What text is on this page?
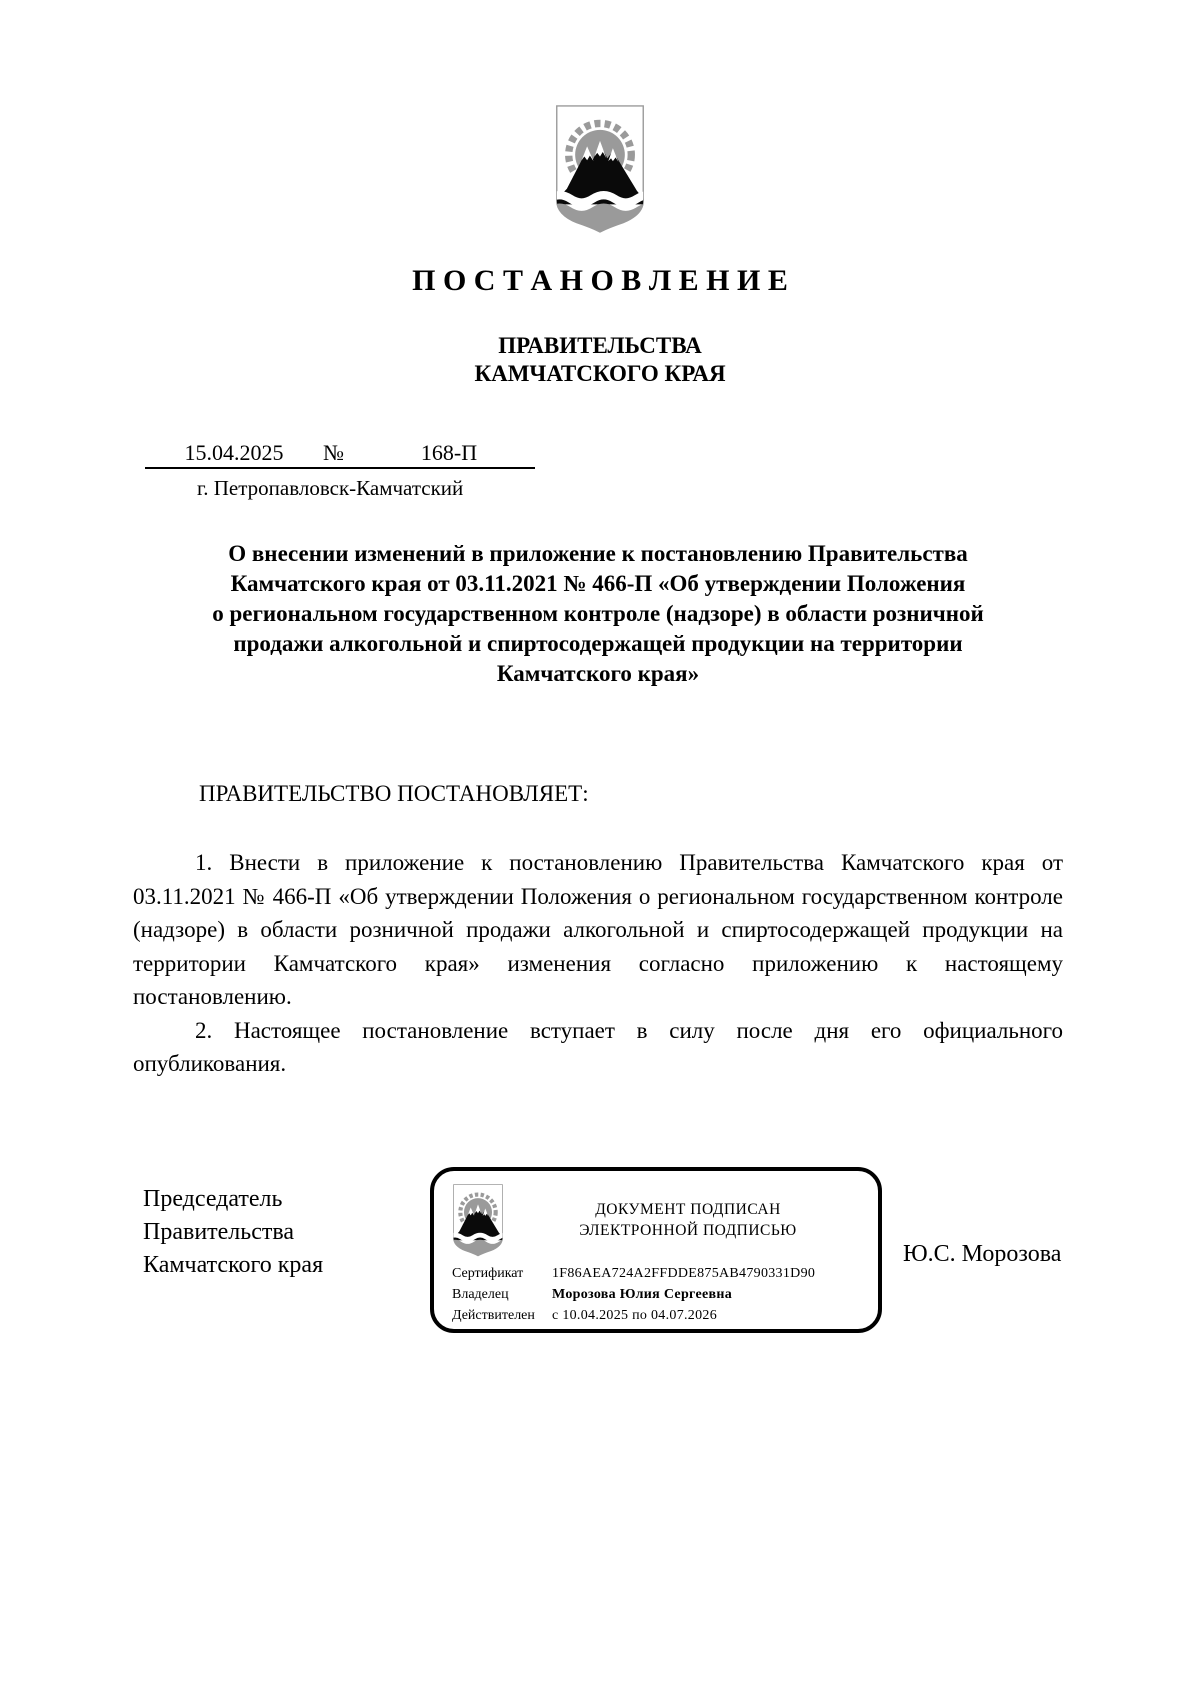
П О С Т А Н О В Л Е Н И Е
ПРАВИТЕЛЬСТВА
КАМЧАТСКОГО КРАЯ
15.04.2025	№	168-П
г. Петропавловск-Камчатский
О внесении изменений в приложение к постановлению Правительства
Камчатского края от 03.11.2021 № 466-П «Об утверждении Положения
о региональном государственном контроле (надзоре) в области розничной
продажи алкогольной и спиртосодержащей продукции на территории
Камчатского края»
ПРАВИТЕЛЬСТВО ПОСТАНОВЛЯЕТ:

1. Внести в приложение к постановлению Правительства Камчатского края от 03.11.2021 № 466-П «Об утверждении Положения о региональном государственном контроле (надзоре) в области розничной продажи алкогольной и спиртосодержащей продукции на территории Камчатского края» изменения согласно приложению к настоящему постановлению.

2. Настоящее постановление вступает в силу после дня его официального опубликования.

Председатель
Правительства
Камчатского края
ДОКУМЕНТ ПОДПИСАН
ЭЛЕКТРОННОЙ ПОДПИСЬЮ
Сертификат	1F86AEA724A2FFDDE875AB4790331D90
Владелец	Морозова Юлия Сергеевна
Действителен	с 10.04.2025 по 04.07.2026
Ю.С. Морозова
